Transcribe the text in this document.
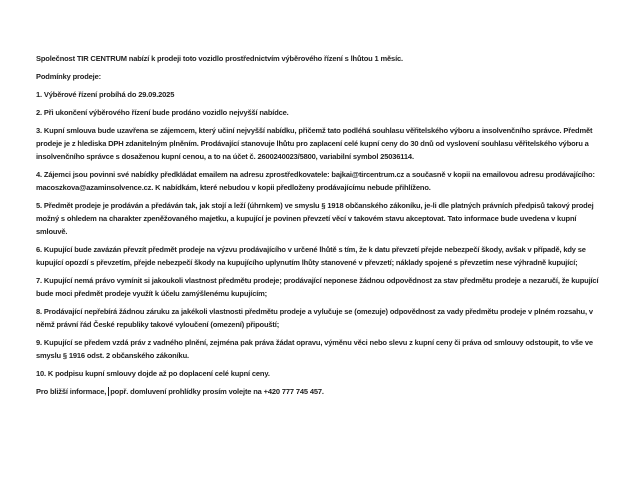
Společnost TIR CENTRUM nabízí k prodeji toto vozidlo prostřednictvím výběrového řízení s lhůtou 1 měsíc.

Podmínky prodeje:

1. Výběrové řízení probíhá do 29.09.2025

2. Při ukončení výběrového řízení bude prodáno vozidlo nejvyšší nabídce.

3. Kupní smlouva bude uzavřena se zájemcem, který učiní nejvyšší nabídku, přičemž tato podléhá souhlasu věřitelského výboru a insolvenčního správce. Předmět prodeje je z hlediska DPH zdanitelným plněním. Prodávající stanovuje lhůtu pro zaplacení celé kupní ceny do 30 dnů od vyslovení souhlasu věřitelského výboru a insolvenčního správce s dosaženou kupní cenou, a to na účet č. 2600240023/5800, variabilní symbol 25036114.

4. Zájemci jsou povinni své nabídky předkládat emailem na adresu zprostředkovatele: bajkai@tircentrum.cz a současně v kopii na emailovou adresu prodávajícího: macoszkova@azaminsolvence.cz. K nabídkám, které nebudou v kopii předloženy prodávajícímu nebude přihlíženo.

5. Předmět prodeje je prodáván a předáván tak, jak stojí a leží (úhrnkem) ve smyslu § 1918 občanského zákoníku, je-li dle platných právních předpisů takový prodej možný s ohledem na charakter zpeněžovaného majetku, a kupující je povinen převzetí věcí v takovém stavu akceptovat. Tato informace bude uvedena v kupní smlouvě.

6. Kupující bude zavázán převzít předmět prodeje na výzvu prodávajícího v určené lhůtě s tím, že k datu převzetí přejde nebezpečí škody, avšak v případě, kdy se kupující opozdí s převzetím, přejde nebezpečí škody na kupujícího uplynutím lhůty stanovené v převzetí; náklady spojené s převzetím nese výhradně kupující;

7. Kupující nemá právo vymínit si jakoukoli vlastnost předmětu prodeje; prodávající neponese žádnou odpovědnost za stav předmětu prodeje a nezaručí, že kupující bude moci předmět prodeje využít k účelu zamýšlenému kupujícím;

8. Prodávající nepřebírá žádnou záruku za jakékoli vlastnosti předmětu prodeje a vylučuje se (omezuje) odpovědnost za vady předmětu prodeje v plném rozsahu, v němž právní řád České republiky takové vyloučení (omezení) připouští;

9. Kupující se předem vzdá práv z vadného plnění, zejména pak práva žádat opravu, výměnu věci nebo slevu z kupní ceny či práva od smlouvy odstoupit, to vše ve smyslu § 1916 odst. 2 občanského zákoníku.

10. K podpisu kupní smlouvy dojde až po doplacení celé kupní ceny.

Pro bližší informace, popř. domluvení prohlídky prosím volejte na +420 777 745 457.
